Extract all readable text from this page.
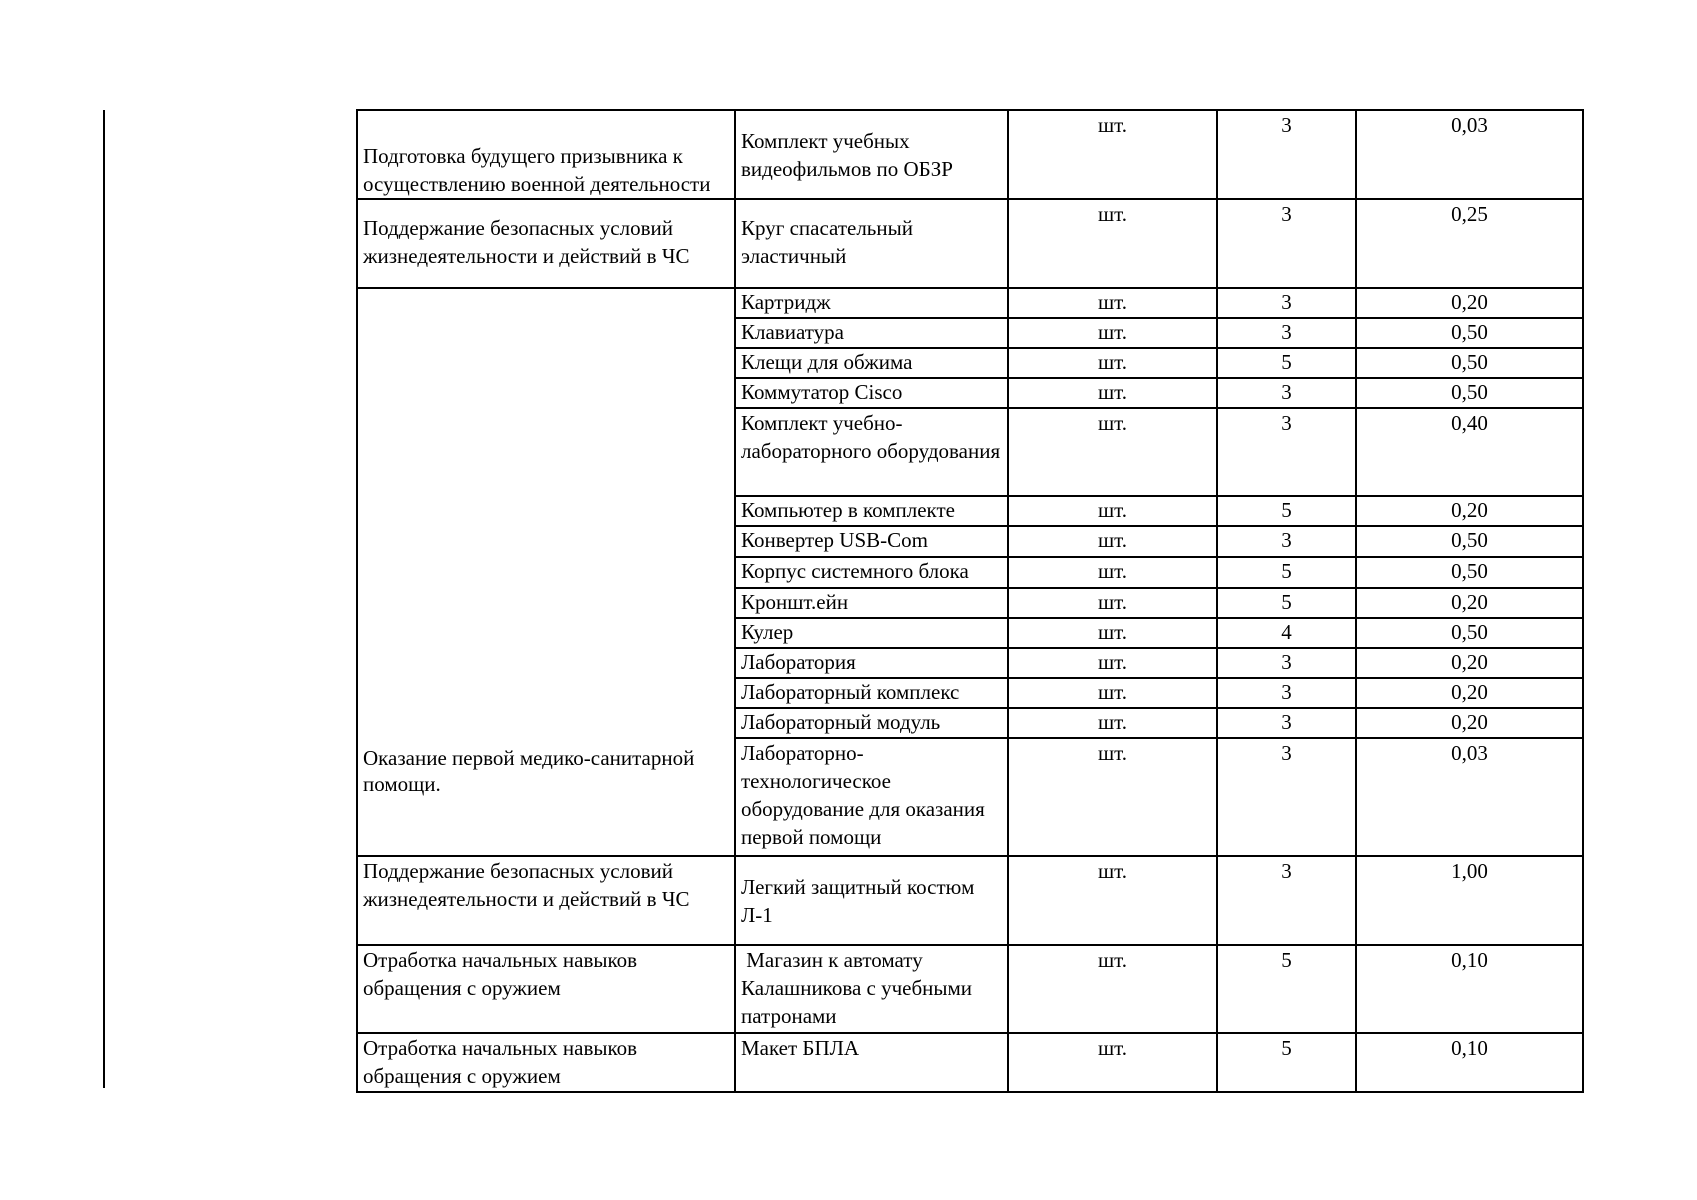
Подготовка будущего призывника к осуществлению военной деятельности	Комплект учебных видеофильмов по ОБЗР	шт.	3	0,03
Поддержание безопасных условий жизнедеятельности и действий в ЧС	Круг спасательный эластичный	шт.	3	0,25
Оказание первой медико-санитарной помощи.	Картридж	шт.	3	0,20
	Клавиатура	шт.	3	0,50
	Клещи для обжима	шт.	5	0,50
	Коммутатор Cisco	шт.	3	0,50
	Комплект учебно-лабораторного оборудования	шт.	3	0,40
	Компьютер в комплекте	шт.	5	0,20
	Конвертер USB-Com	шт.	3	0,50
	Корпус системного блока	шт.	5	0,50
	Кроншт.ейн	шт.	5	0,20
	Кулер	шт.	4	0,50
	Лаборатория	шт.	3	0,20
	Лабораторный комплекс	шт.	3	0,20
	Лабораторный модуль	шт.	3	0,20
	Лабораторно-технологическое оборудование для оказания первой помощи	шт.	3	0,03
Поддержание безопасных условий жизнедеятельности и действий в ЧС	Легкий защитный костюм Л-1	шт.	3	1,00
Отработка начальных навыков обращения с оружием	Магазин к автомату Калашникова с учебными патронами	шт.	5	0,10
Отработка начальных навыков обращения с оружием	Макет БПЛА	шт.	5	0,10
